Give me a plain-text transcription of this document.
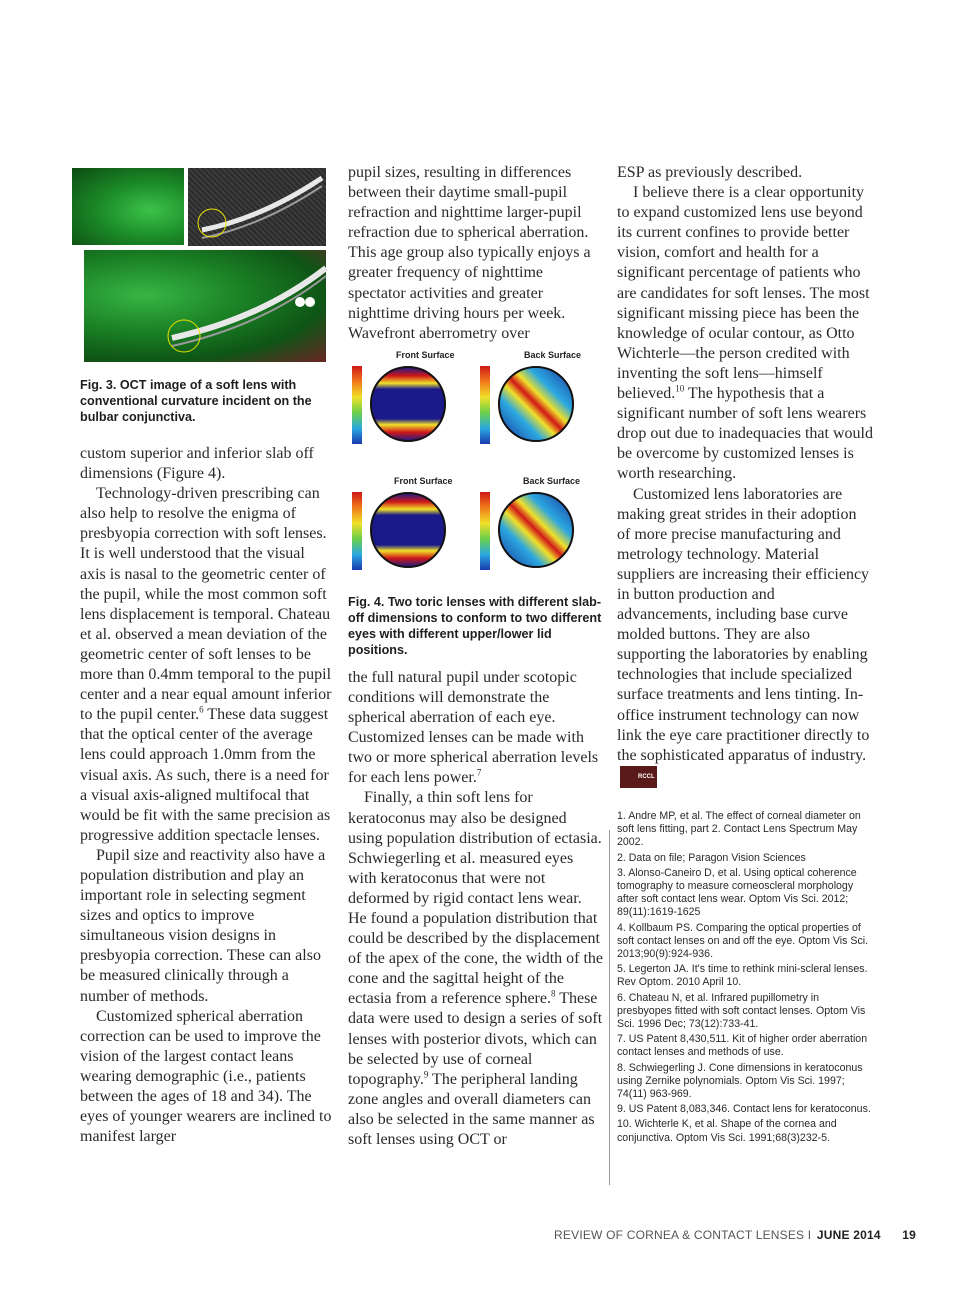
Fig. 3. OCT image of a soft lens with conventional curvature incident on the bulbar conjunctiva.

custom superior and inferior slab off dimensions (Figure 4).

Technology-driven prescribing can also help to resolve the enigma of presbyopia correction with soft lenses. It is well understood that the visual axis is nasal to the geometric center of the pupil, while the most common soft lens displacement is temporal. Chateau et al. observed a mean deviation of the geometric center of soft lenses to be more than 0.4mm temporal to the pupil center and a near equal amount inferior to the pupil center.$^6$ These data suggest that the optical center of the average lens could approach 1.0mm from the visual axis. As such, there is a need for a visual axis-aligned multifocal that would be fit with the same precision as progressive addition spectacle lenses.

Pupil size and reactivity also have a population distribution and play an important role in selecting segment sizes and optics to improve simultaneous vision designs in presbyopia correction. These can also be measured clinically through a number of methods.

Customized spherical aberration correction can be used to improve the vision of the largest contact leans wearing demographic (i.e., patients between the ages of 18 and 34). The eyes of younger wearers are inclined to manifest larger

pupil sizes, resulting in differences between their daytime small-pupil refraction and nighttime larger-pupil refraction due to spherical aberration. This age group also typically enjoys a greater frequency of nighttime spectator activities and greater nighttime driving hours per week. Wavefront aberrometry over

Front Surface	Back Surface
Front Surface	Back Surface
Fig. 4. Two toric lenses with different slab-off dimensions to conform to two different eyes with different upper/lower lid positions.

the full natural pupil under scotopic conditions will demonstrate the spherical aberration of each eye. Customized lenses can be made with two or more spherical aberration levels for each lens power.$^7$

Finally, a thin soft lens for keratoconus may also be designed using population distribution of ectasia. Schwiegerling et al. measured eyes with keratoconus that were not deformed by rigid contact lens wear. He found a population distribution that could be described by the displacement of the apex of the cone, the width of the cone and the sagittal height of the ectasia from a reference sphere.$^8$ These data were used to design a series of soft lenses with posterior divots, which can be selected by use of corneal topography.$^9$ The peripheral landing zone angles and overall diameters can also be selected in the same manner as soft lenses using OCT or

ESP as previously described.

I believe there is a clear opportunity to expand customized lens use beyond its current confines to provide better vision, comfort and health for a significant percentage of patients who are candidates for soft lenses. The most significant missing piece has been the knowledge of ocular contour, as Otto Wichterle—the person credited with inventing the soft lens—himself believed.$^{10}$ The hypothesis that a significant number of soft lens wearers drop out due to inadequacies that would be overcome by customized lenses is worth researching.

Customized lens laboratories are making great strides in their adoption of more precise manufacturing and metrology technology. Material suppliers are increasing their efficiency in button production and advancements, including base curve molded buttons. They are also supporting the laboratories by enabling technologies that include specialized surface treatments and lens tinting. In-office instrument technology can now link the eye care practitioner directly to the sophisticated apparatus of industry.RCCL

1. Andre MP, et al. The effect of corneal diameter on soft lens fitting, part 2. Contact Lens Spectrum May 2002.
2. Data on file; Paragon Vision Sciences
3. Alonso-Caneiro D, et al. Using optical coherence tomography to measure corneoscleral morphology after soft contact lens wear. Optom Vis Sci. 2012; 89(11):1619-1625
4. Kollbaum PS. Comparing the optical properties of soft contact lenses on and off the eye. Optom Vis Sci. 2013;90(9):924-936.
5. Legerton JA. It's time to rethink mini-scleral lenses. Rev Optom. 2010 April 10.
6. Chateau N, et al. Infrared pupillometry in presbyopes fitted with soft contact lenses. Optom Vis Sci. 1996 Dec; 73(12):733-41.
7. US Patent 8,430,511. Kit of higher order aberration contact lenses and methods of use.
8. Schwiegerling J. Cone dimensions in keratoconus using Zernike polynomials. Optom Vis Sci. 1997; 74(11) 963-969.
9. US Patent 8,083,346. Contact lens for keratoconus.
10. Wichterle K, et al. Shape of the cornea and conjunctiva. Optom Vis Sci. 1991;68(3)232-5.
REVIEW OF CORNEA & CONTACT LENSES I JUNE 2014 19
